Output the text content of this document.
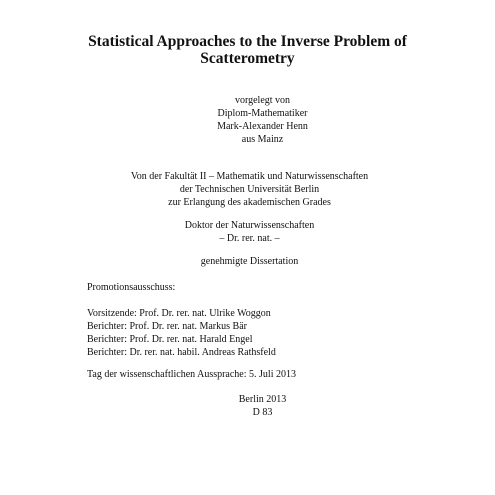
Statistical Approaches to the Inverse Problem of
Scatterometry
vorgelegt von
Diplom-Mathematiker
Mark-Alexander Henn
aus Mainz
Von der Fakultät II – Mathematik und Naturwissenschaften
der Technischen Universität Berlin
zur Erlangung des akademischen Grades
Doktor der Naturwissenschaften
– Dr. rer. nat. –
genehmigte Dissertation
Promotionsausschuss:
Vorsitzende: Prof. Dr. rer. nat. Ulrike Woggon
Berichter: Prof. Dr. rer. nat. Markus Bär
Berichter: Prof. Dr. rer. nat. Harald Engel
Berichter: Dr. rer. nat. habil. Andreas Rathsfeld
Tag der wissenschaftlichen Aussprache: 5. Juli 2013
Berlin 2013
D 83
